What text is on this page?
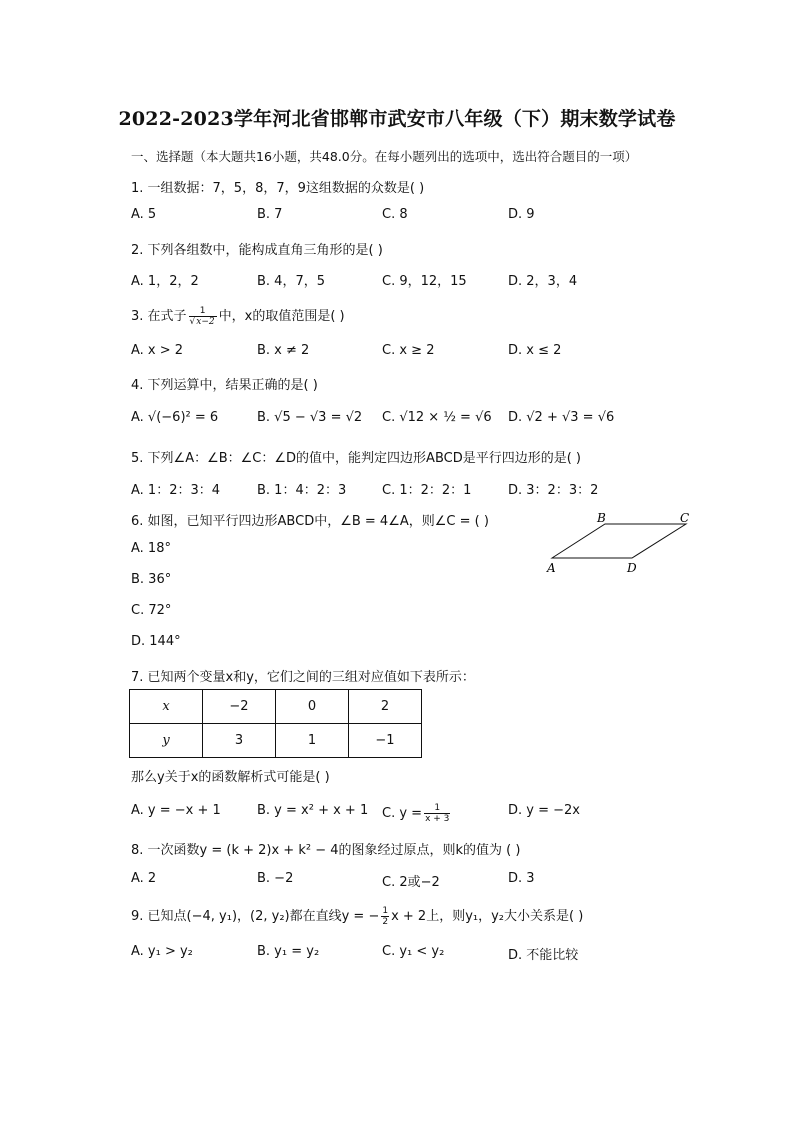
2022-2023学年河北省邯郸市武安市八年级（下）期末数学试卷
一、选择题（本大题共16小题，共48.0分。在每小题列出的选项中，选出符合题目的一项）
1. 一组数据：7，5，8，7，9这组数据的众数是( )
A. 5	B. 7	C. 8	D. 9
2. 下列各组数中，能构成直角三角形的是( )
A. 1，2，2	B. 4，7，5	C. 9，12，15	D. 2，3，4
3. 在式子 $\frac{1}{√x-2}$ 中，x的取值范围是( )
A. x > 2	B. x ≠ 2	C. x ≥ 2	D. x ≤ 2
4. 下列运算中，结果正确的是( )
A. √(−6)² = 6	B. √5 − √3 = √2 C. √12 × ½ = √6 D. √2 + √3 = √6
5. 下列∠A：∠B：∠C：∠D的值中，能判定四边形ABCD是平行四边形的是( )
A. 1：2：3：4	B. 1：4：2：3	C. 1：2：2：1	D. 3：2：3：2
6. 如图，已知平行四边形ABCD中，∠B = 4∠A，则∠C = ( )
A. 18°
B. 36°
C. 72°
D. 144°
A
B	C
D
7. 已知两个变量x和y，它们之间的三组对应值如下表所示：
x	−2	0	2
y	3	1	−1
那么y关于x的函数解析式可能是( )
A. y = −x + 1	B. y = x² + x + 1 C. $y = \frac{1}{x + 3}$	D. y = −2x
8. 一次函数y = (k + 2)x + k² − 4的图象经过原点，则k的值为 ( )
A. 2	B. −2	C. 2或−2	D. 3
9. 已知点(−4, y₁)，(2, y₂)都在直线y = − $\frac{1}{2}$ x + 2上，则y₁，y₂大小关系是( )
A. y₁ > y₂	B. y₁ = y₂	C. y₁ < y₂	D. 不能比较
